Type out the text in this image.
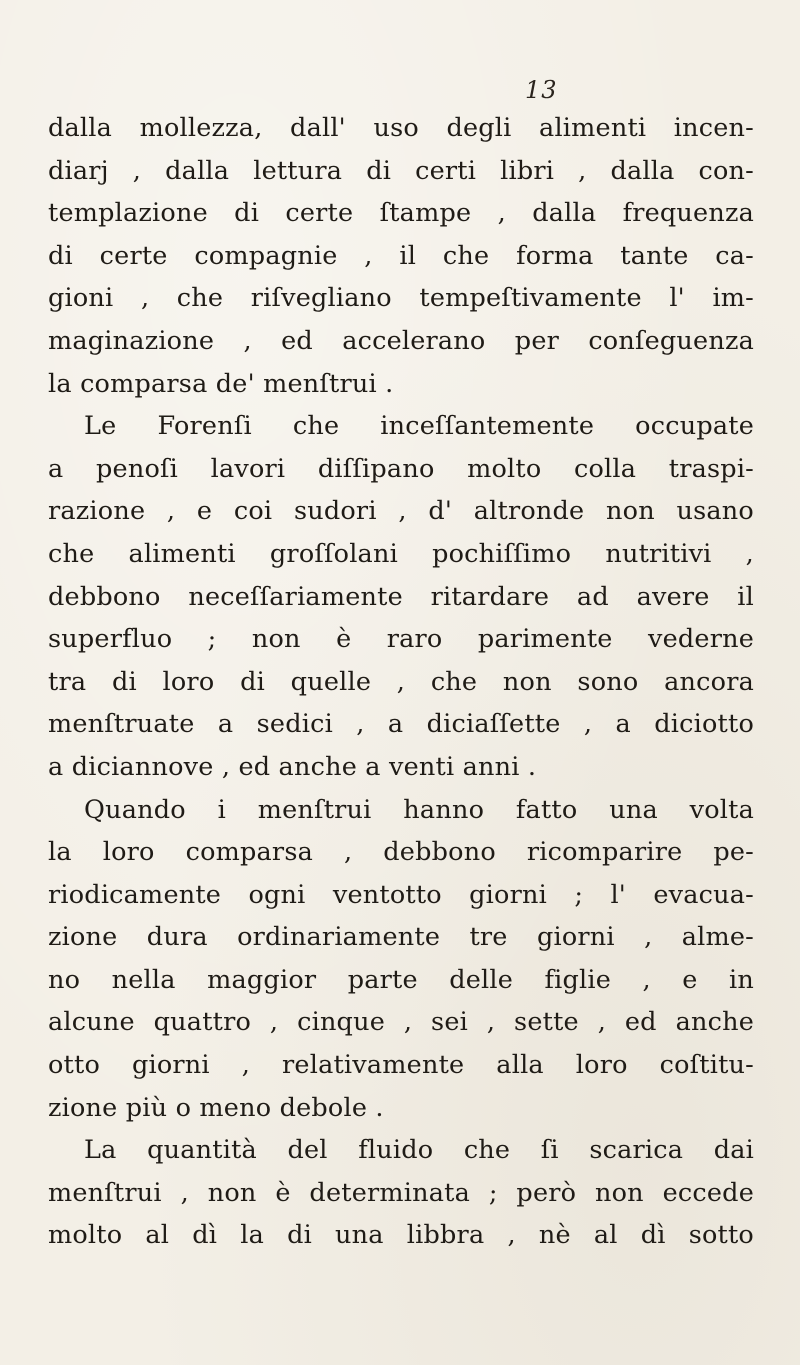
13
dalla mollezza, dall' uso degli alimenti incen-
diarj , dalla lettura di certi libri , dalla con-
templazione di certe ſtampe , dalla frequenza
di certe compagnie , il che forma tante ca-
gioni , che riſvegliano tempeſtivamente l' im-
maginazione , ed accelerano per conſeguenza
la comparsa de' menſtrui .
Le Forenſi che inceſſantemente occupate
a penoſi lavori diſſipano molto colla traspi-
razione , e coi sudori , d' altronde non usano
che alimenti groſſolani pochiſſimo nutritivi ,
debbono neceſſariamente ritardare ad avere il
superfluo ; non è raro parimente vederne
tra di loro di quelle , che non sono ancora
menſtruate a sedici , a diciaſſette , a diciotto
a diciannove , ed anche a venti anni .
Quando i menſtrui hanno fatto una volta
la loro comparsa , debbono ricomparire pe-
riodicamente ogni ventotto giorni ; l' evacua-
zione dura ordinariamente tre giorni , alme-
no nella maggior parte delle figlie , e in
alcune quattro , cinque , sei , sette , ed anche
otto giorni , relativamente alla loro coſtitu-
zione più o meno debole .
La quantità del fluido che ſi scarica dai
menſtrui , non è determinata ; però non eccede
molto al dì la di una libbra , nè al dì sotto
